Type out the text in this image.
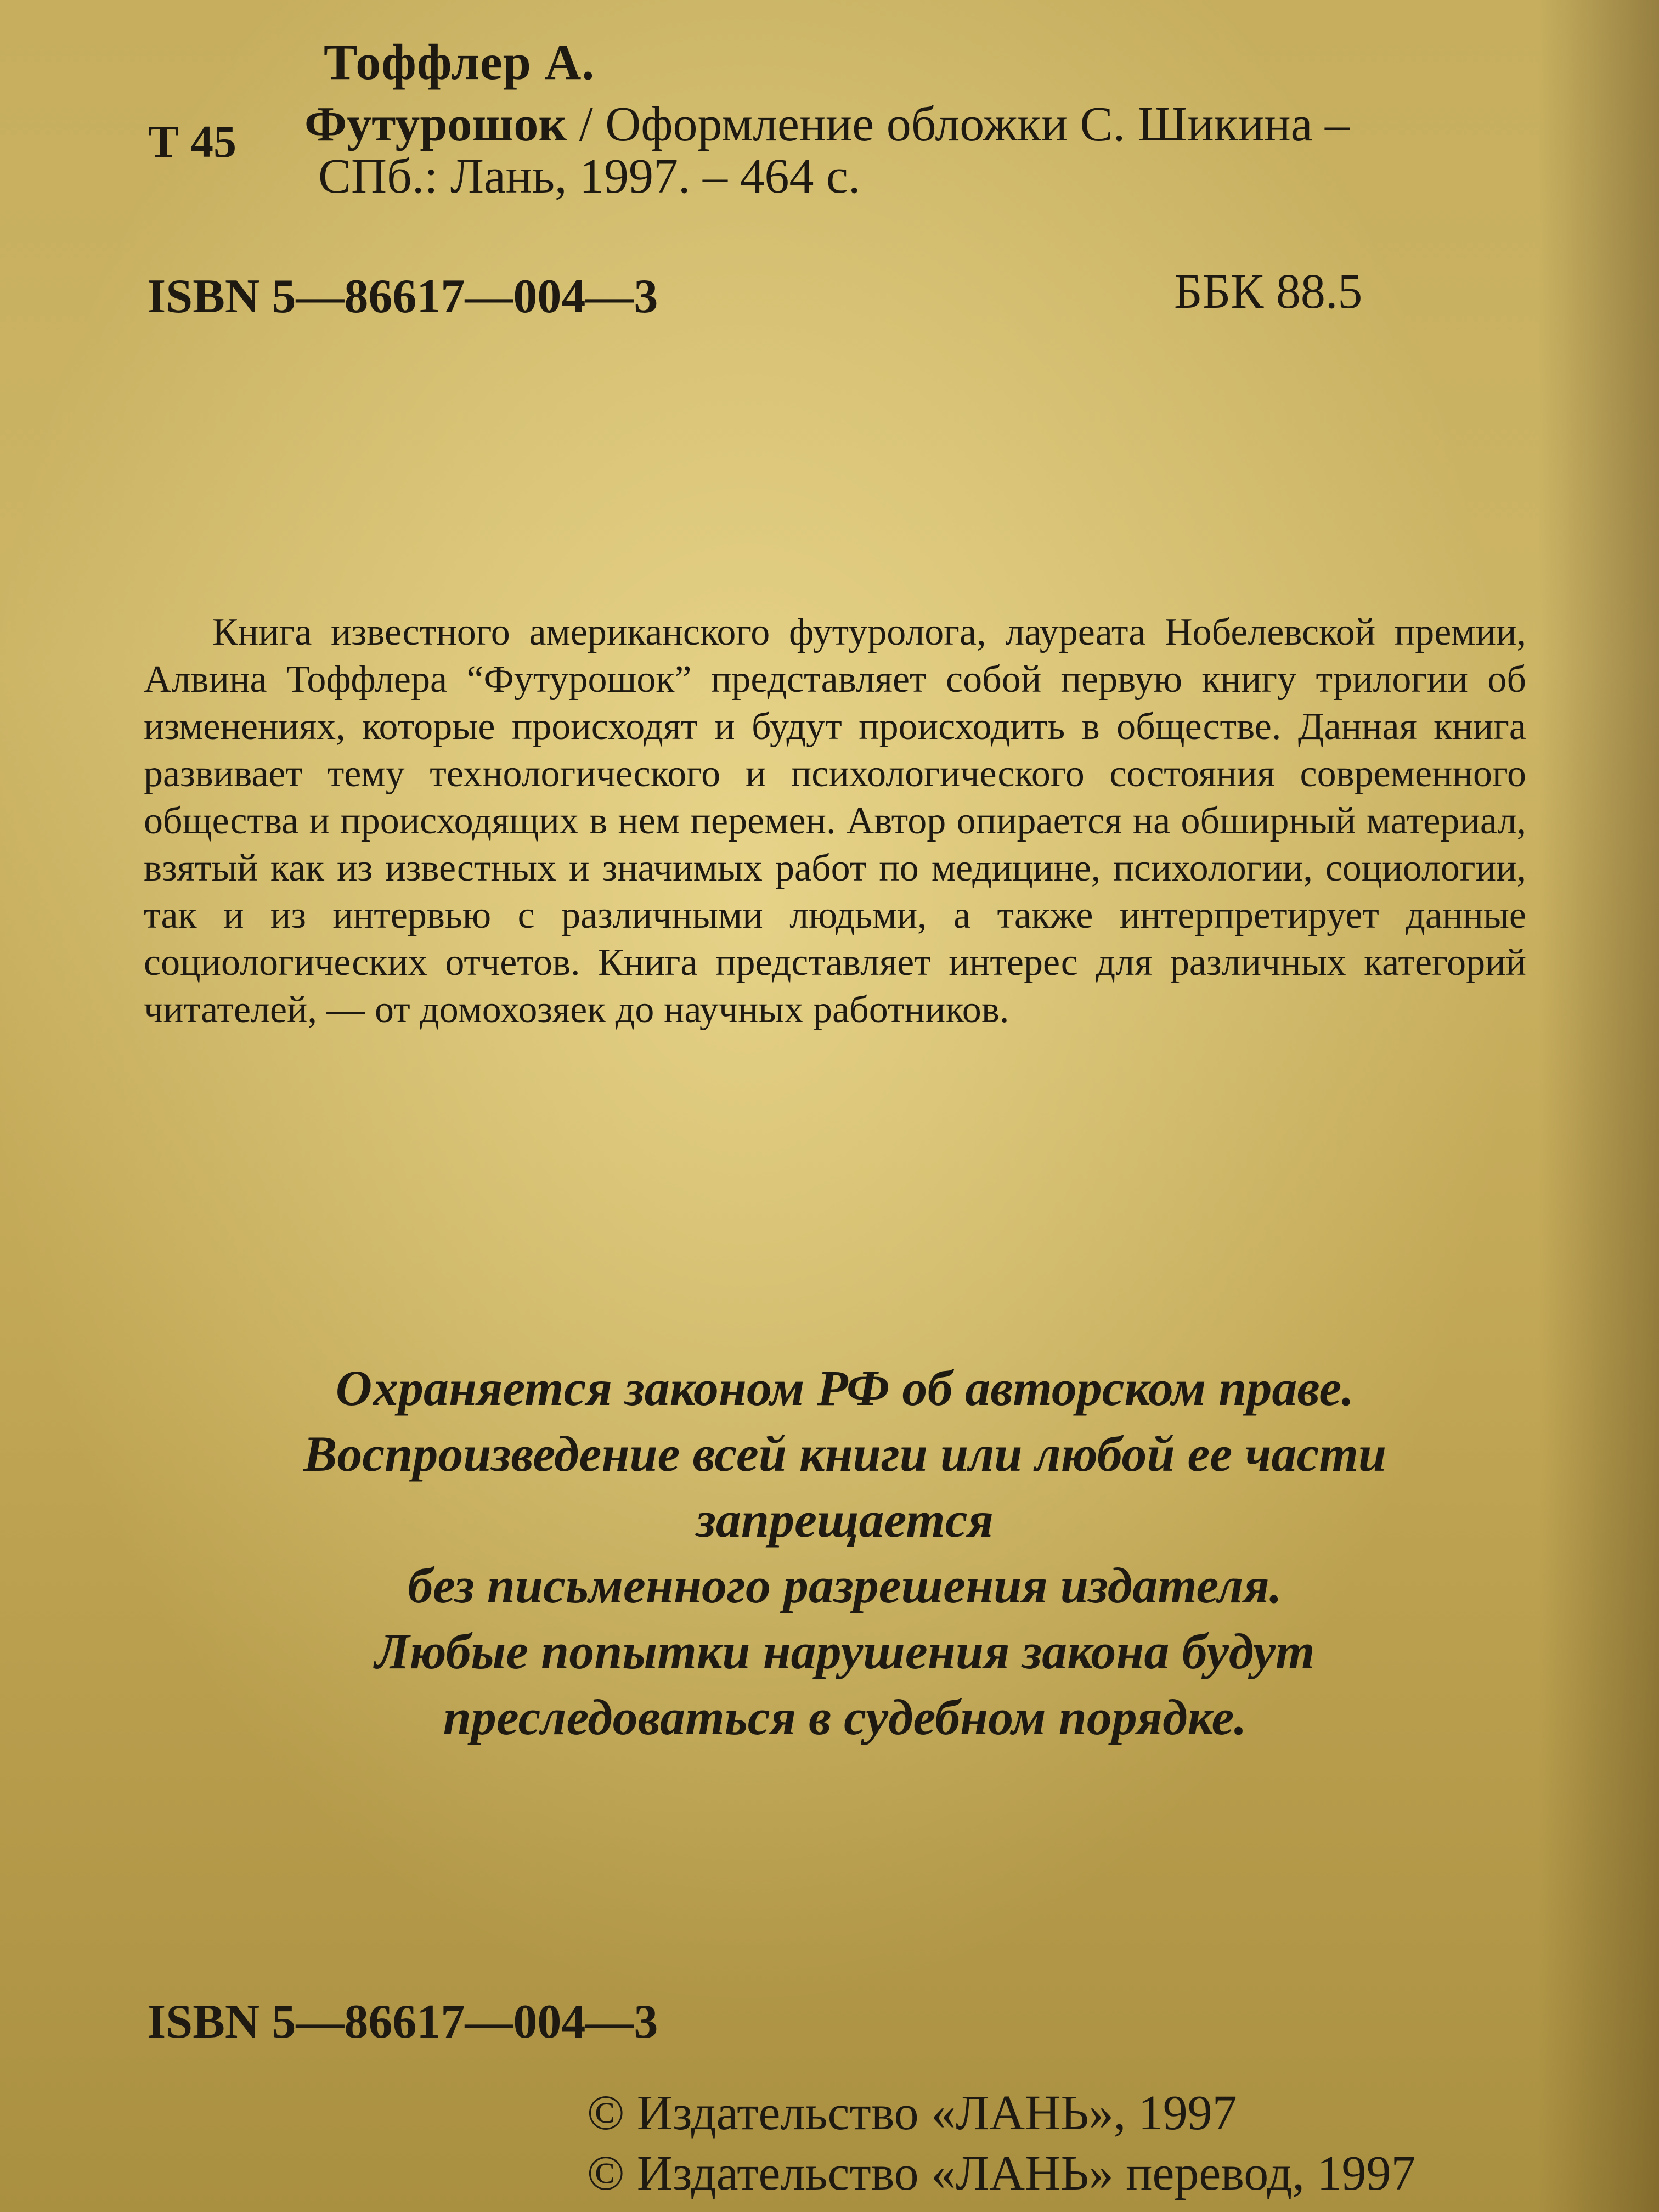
Тоффлер А.

Т 45 Футурошок / Оформление обложки С. Шикина –

СПб.: Лань, 1997. – 464 с.

ISBN 5—86617—004—3	ББК 88.5

Книга известного американского футуролога, лауреата Нобелевской премии, Алвина Тоффлера “Футурошок” представляет собой первую книгу трилогии об изменениях, которые происходят и будут происходить в обществе. Данная книга развивает тему технологического и психологического состояния современного общества и происходящих в нем перемен. Автор опирается на обширный материал, взятый как из известных и значимых работ по медицине, психологии, социологии, так и из интервью с различными людьми, а также интерпретирует данные социологических отчетов. Книга представляет интерес для различных категорий читателей, — от домохозяек до научных работников.

Охраняется законом РФ об авторском праве.
Воспроизведение всей книги или любой ее части
запрещается
без письменного разрешения издателя.
Любые попытки нарушения закона будут
преследоваться в судебном порядке.

ISBN 5—86617—004—3

© Издательство «ЛАНЬ», 1997

© Издательство «ЛАНЬ» перевод, 1997
